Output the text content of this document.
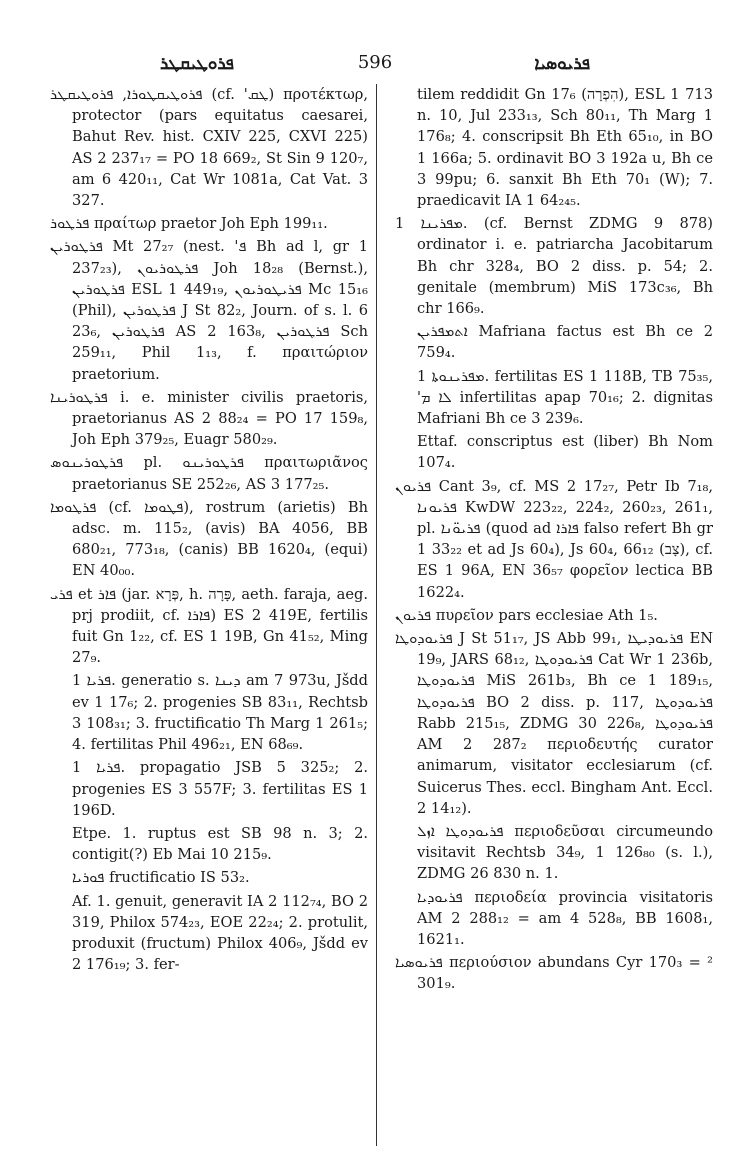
ܦܪܘܛܝܩܛܪ	596	ܦܪܝܘܣܝܐ

ܦܪܘܛܝܩܛܘܪܐ, ܦܪܘܛܝܩܛܪ (cf. 'ܛܩ) προτέκτωρ, protector (pars equitatus caesarei, Bahut Rev. hist. CXIV 225, CXVI 225) AS 2 237₁₇ = PO 18 669₂, St Sin 9 120₇, am 6 420₁₁, Cat Wr 1081a, Cat Vat. 3 327.

ܦܪܛܘܪ πραίτωρ praetor Joh Eph 199₁₁.

ܦܪܛܘܪܝܢ Mt 27₂₇ (nest. 'ܦ Bh ad l, gr 1 237₂₃), ܦܪܛܘܪܝܘܢ Joh 18₂₈ (Bernst.), ܦܪܛܘܪܝܢ ESL 1 449₁₉, ܦܪܝܛܘܪܝܘܢ Mc 15₁₆ (Phil), ܦܪܛܘܪܝܢ J St 82₂, Journ. of s. l. 6 23₆, ܦܪܛܘܪܝܢ AS 2 163₈, ܦܪܛܘܪܝܢ Sch 259₁₁, Phil 1₁₃, f. πραιτώριον praetorium.

ܦܪܛܘܪܝܢܐ i. e. minister civilis praetoris, praetorianus AS 2 88₂₄ = PO 17 159₈, Joh Eph 379₂₅, Euagr 580₂₉.

ܦܪܛܘܪܝܢܘܣ pl. ܦܪܛܘܪܝܢܘ πραιτωριᾶνος praetorianus SE 252₂₆, AS 3 177₂₅.

ܦܪܛܘܡܐ (cf. ܦܛܘܡܐ), rostrum (arietis) Bh adsc. m. 115₂, (avis) BA 4056, BB 680₂₁, 773₁₈, (canis) BB 1620₄, (equi) EN 40₀₀.

ܦܪܝ et ܦܐܪ (jar. פְּרָא, h. פָּרָה, aeth. faraja, aeg. prj prodiit, cf. ܦܐܪܐ) ES 2 419E, fertilis fuit Gn 1₂₂, cf. ES 1 19B, Gn 41₅₂, Ming 27₉.

ܦܪܝܐ 1. generatio s. ܕܝܢܐ am 7 973u, Jšdd ev 1 17₆; 2. progenies SB 83₁₁, Rechtsb 3 108₃₁; 3. fructificatio Th Marg 1 261₅; 4. fertilitas Phil 496₂₁, EN 68₆₉.

ܦܪܝܐ 1. propagatio JSB 5 325₂; 2. progenies ES 3 557F; 3. fertilitas ES 1 196D.

Etpe. 1. ruptus est SB 98 n. 3; 2. contigit(?) Eb Mai 10 215₉.

ܦܘܪܝܐ fructificatio IS 53₂.

Af. 1. genuit, generavit IA 2 112₇₄, BO 2 319, Philox 574₂₃, EOE 22₂₄; 2. protulit, produxit (fructum) Philox 406₉, Jšdd ev 2 176₁₉; 3. fer-

tilem reddidit Gn 17₆ (הִפְרָה), ESL 1 713 n. 10, Jul 233₁₃, Sch 80₁₁, Th Marg 1 176₈; 4. conscripsit Bh Eth 65₁₀, in BO 1 166a; 5. ordinavit BO 3 192a u, Bh ce 3 99pu; 6. sanxit Bh Eth 70₁ (W); 7. praedicavit IA 1 64₂₄₅.

ܡܦܪܝܢܐ 1. (cf. Bernst ZDMG 9 878) ordinator i. e. patriarcha Jacobitarum Bh chr 328₄, BO 2 diss. p. 54; 2. genitale (membrum) MiS 173c₃₆, Bh chr 166₉.

ܐܬܡܦܪܝܢ Mafriana factus est Bh ce 2 759₄.

ܡܦܪܝܢܘܬܐ 1. fertilitas ES 1 118B, TB 75₃₅, 'ܠܐ ܡ infertilitas apap 70₁₆; 2. dignitas Mafriani Bh ce 3 239₆.

Ettaf. conscriptus est (liber) Bh Nom 107₄.

ܦܪܝܘܢ Cant 3₉, cf. MS 2 17₂₇, Petr Ib 7₁₈, ܦܪܝܘܢܐ KwDW 223₂₂, 224₂, 260₂₃, 261₁, pl. ܦܪܝܘ̈ܢܐ (quod ad ܦܐܪܐ falso refert Bh gr 1 33₂₂ et ad Js 60₄), Js 60₄, 66₁₂ (צָב), cf. ES 1 96A, EN 36₅₇ φορεῖον lectica BB 1622₄.

ܦܪܝܘܢ πυρεῖον pars ecclesiae Ath 1₅.

ܦܪܝܘܕܘܛܐ J St 51₁₇, JS Abb 99₁, ܦܪܝܘܕܝܛܐ EN 19₉, JARS 68₁₂, ܦܪܝܘܕܘܛܐ Cat Wr 1 236b, ܦܪܝܘܕܘܛܐ MiS 261b₃, Bh ce 1 189₁₅, ܦܪܝܘܕܘܛܐ BO 2 diss. p. 117, ܦܪܝܘܕܘܛܐ Rabb 215₁₅, ZDMG 30 226₈, ܦܪܝܘܕܘܛܐ AM 2 287₂ περιοδευτής curator animarum, visitator ecclesiarum (cf. Suicerus Thes. eccl. Bingham Ant. Eccl. 2 14₁₂).

ܦܪܝܘܕܘܛܐ ܐܙܠ περιοδεῦσαι circumeundo visitavit Rechtsb 34₉, 1 126₈₀ (s. l.), ZDMG 26 830 n. 1.

ܦܪܝܘܕܝܐ περιοδεία provincia visitatoris AM 2 288₁₂ = am 4 528₈, BB 1608₁, 1621₁.

ܦܪܝܘܣܝܐ περιούσιον abundans Cyr 170₃ = ² 301₉.
